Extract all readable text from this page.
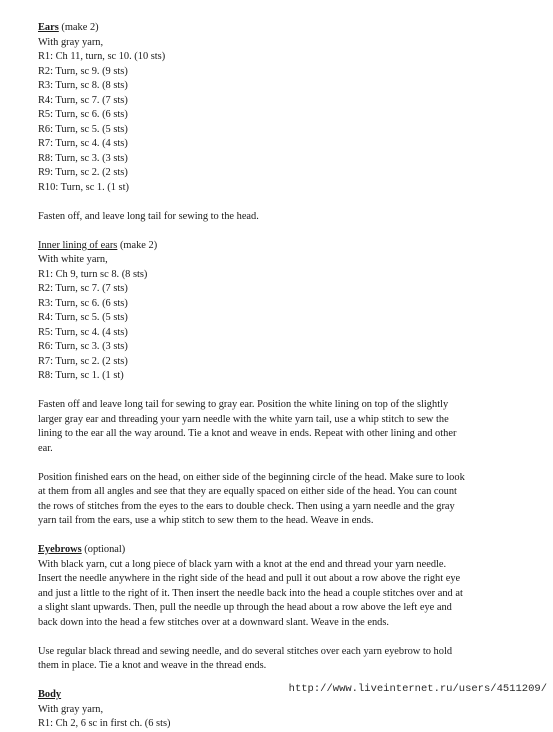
Ears (make 2)
With gray yarn,
R1: Ch 11, turn, sc 10. (10 sts)
R2: Turn, sc 9. (9 sts)
R3: Turn, sc 8. (8 sts)
R4: Turn, sc 7. (7 sts)
R5: Turn, sc 6. (6 sts)
R6: Turn, sc 5. (5 sts)
R7: Turn, sc 4. (4 sts)
R8: Turn, sc 3. (3 sts)
R9: Turn, sc 2. (2 sts)
R10: Turn, sc 1. (1 st)
Fasten off, and leave long tail for sewing to the head.
Inner lining of ears (make 2)
With white yarn,
R1: Ch 9, turn sc 8. (8 sts)
R2: Turn, sc 7. (7 sts)
R3: Turn, sc 6. (6 sts)
R4: Turn, sc 5. (5 sts)
R5: Turn, sc 4. (4 sts)
R6: Turn, sc 3. (3 sts)
R7: Turn, sc 2. (2 sts)
R8: Turn, sc 1. (1 st)
Fasten off and leave long tail for sewing to gray ear. Position the white lining on top of the slightly
larger gray ear and threading your yarn needle with the white yarn tail, use a whip stitch to sew the
lining to the ear all the way around. Tie a knot and weave in ends. Repeat with other lining and other
ear.
Position finished ears on the head, on either side of the beginning circle of the head. Make sure to look
at them from all angles and see that they are equally spaced on either side of the head. You can count
the rows of stitches from the eyes to the ears to double check. Then using a yarn needle and the gray
yarn tail from the ears, use a whip stitch to sew them to the head. Weave in ends.
Eyebrows (optional)
With black yarn, cut a long piece of black yarn with a knot at the end and thread your yarn needle.
Insert the needle anywhere in the right side of the head and pull it out about a row above the right eye
and just a little to the right of it. Then insert the needle back into the head a couple stitches over and at
a slight slant upwards. Then, pull the needle up through the head about a row above the left eye and
back down into the head a few stitches over at a downward slant. Weave in the ends.
Use regular black thread and sewing needle, and do several stitches over each yarn eyebrow to hold
them in place. Tie a knot and weave in the thread ends.
Body
With gray yarn,
R1: Ch 2, 6 sc in first ch. (6 sts)
http://www.liveinternet.ru/users/4511209/
